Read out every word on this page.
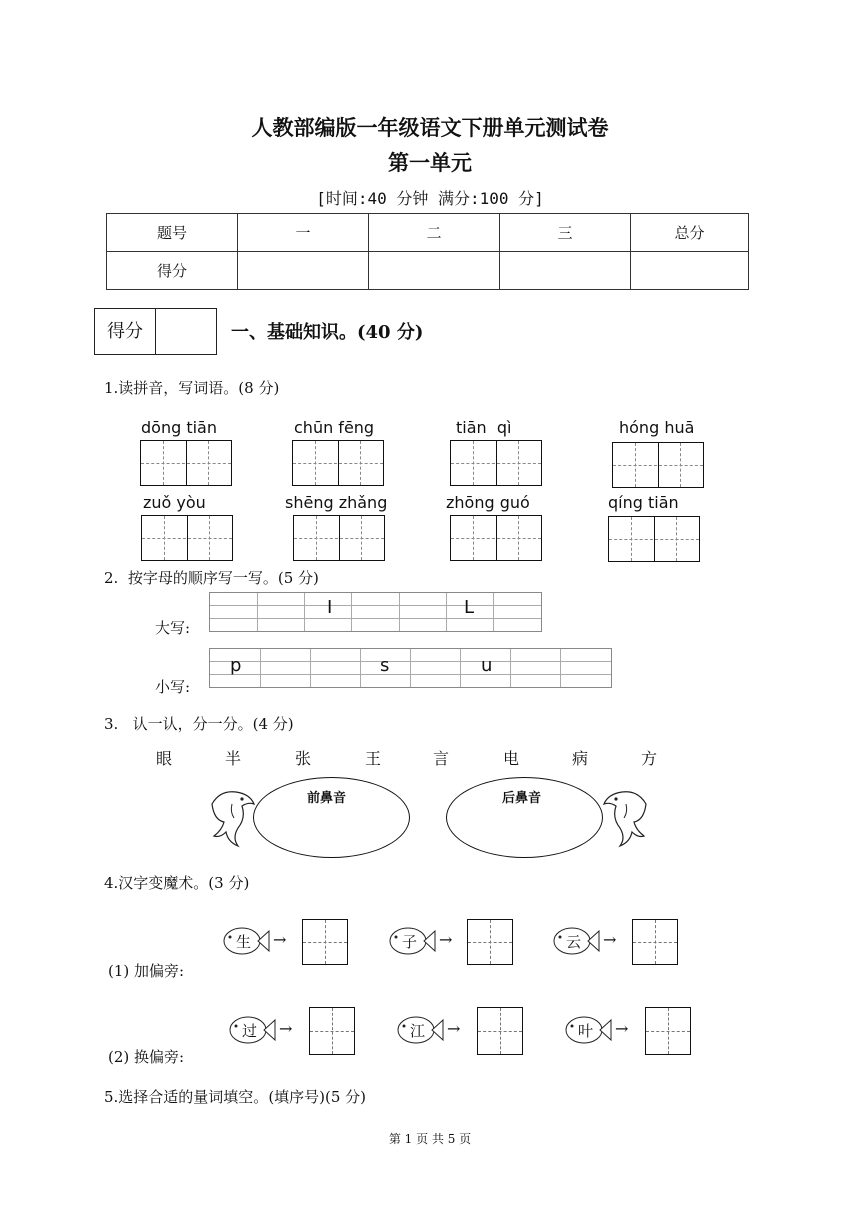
人教部编版一年级语文下册单元测试卷
第一单元
[时间:40 分钟 满分:100 分]
题号	一	二	三	总分
得分				
得分	一、基础知识。(40 分)
1.读拼音，写词语。(8 分)
dōng tiān	chūn fēng	tiān  qì	hóng huā
zuǒ yòu	shēng zhǎng	zhōng guó	qíng tiān
2.  按字母的顺序写一写。(5 分)
大写:
I	L
小写:
p	s	u
3.   认一认，分一分。(4 分)
眼	半	张	王	言	电	病	方
前鼻音	后鼻音
4.汉字变魔术。(3 分)
(1) 加偏旁:
(2) 换偏旁:
生 →	子 →	云 →
过 →	江 →	叶 →
5.选择合适的量词填空。(填序号)(5 分)
第 1 页 共 5 页
